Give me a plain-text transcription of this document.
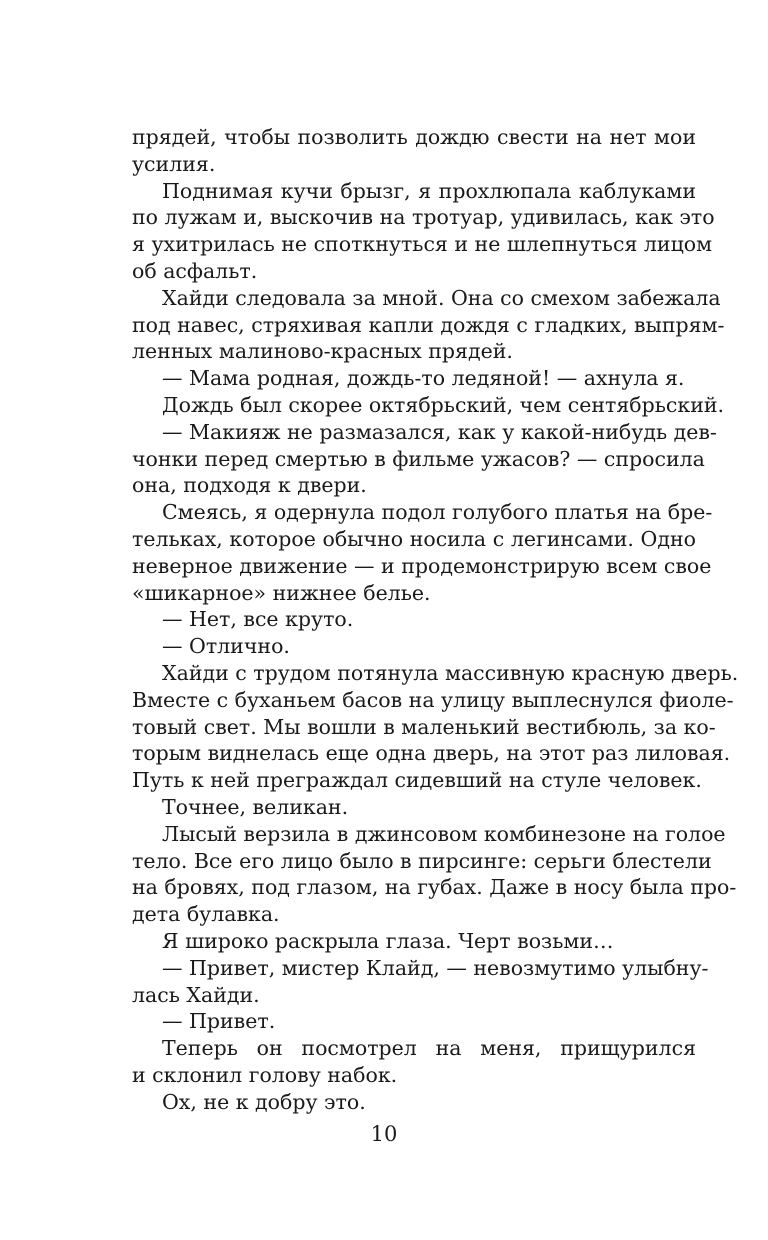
прядей, чтобы позволить дождю свести на нет мои
усилия.
Поднимая кучи брызг, я прохлюпала каблуками
по лужам и, выскочив на тротуар, удивилась, как это
я ухитрилась не споткнуться и не шлепнуться лицом
об асфальт.
Хайди следовала за мной. Она со смехом забежала
под навес, стряхивая капли дождя с гладких, выпрям-
ленных малиново-красных прядей.
— Мама родная, дождь-то ледяной! — ахнула я.
Дождь был скорее октябрьский, чем сентябрьский.
— Макияж не размазался, как у какой-нибудь дев-
чонки перед смертью в фильме ужасов? — спросила
она, подходя к двери.
Смеясь, я одернула подол голубого платья на бре-
тельках, которое обычно носила с легинсами. Одно
неверное движение — и продемонстрирую всем свое
«шикарное» нижнее белье.
— Нет, все круто.
— Отлично.
Хайди с трудом потянула массивную красную дверь.
Вместе с буханьем басов на улицу выплеснулся фиоле-
товый свет. Мы вошли в маленький вестибюль, за ко-
торым виднелась еще одна дверь, на этот раз лиловая.
Путь к ней преграждал сидевший на стуле человек.
Точнее, великан.
Лысый верзила в джинсовом комбинезоне на голое
тело. Все его лицо было в пирсинге: серьги блестели
на бровях, под глазом, на губах. Даже в носу была про-
дета булавка.
Я широко раскрыла глаза. Черт возьми…
— Привет, мистер Клайд, — невозмутимо улыбну-
лась Хайди.
— Привет.
Теперь он посмотрел на меня, прищурился
и склонил голову набок.
Ох, не к добру это.
10
